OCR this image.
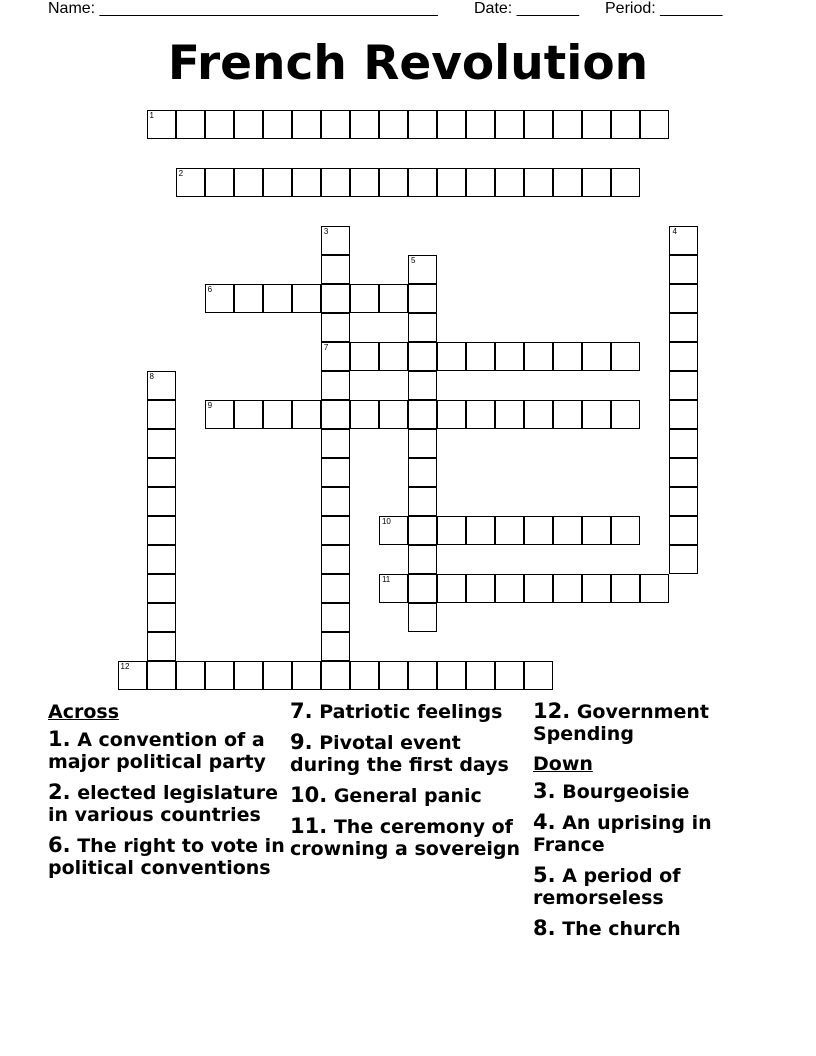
Name: ______________________________________ Date: _______ Period: _______
French Revolution
1
2
3
7
4
5
6
8
9
10
11
12
Across
1. A convention of a major political party
2. elected legislature in various countries
6. The right to vote in political conventions
7. Patriotic feelings
9. Pivotal event during the first days
10. General panic
11. The ceremony of crowning a sovereign
12. Government Spending
Down
3. Bourgeoisie
4. An uprising in France
5. A period of remorseless
8. The church
